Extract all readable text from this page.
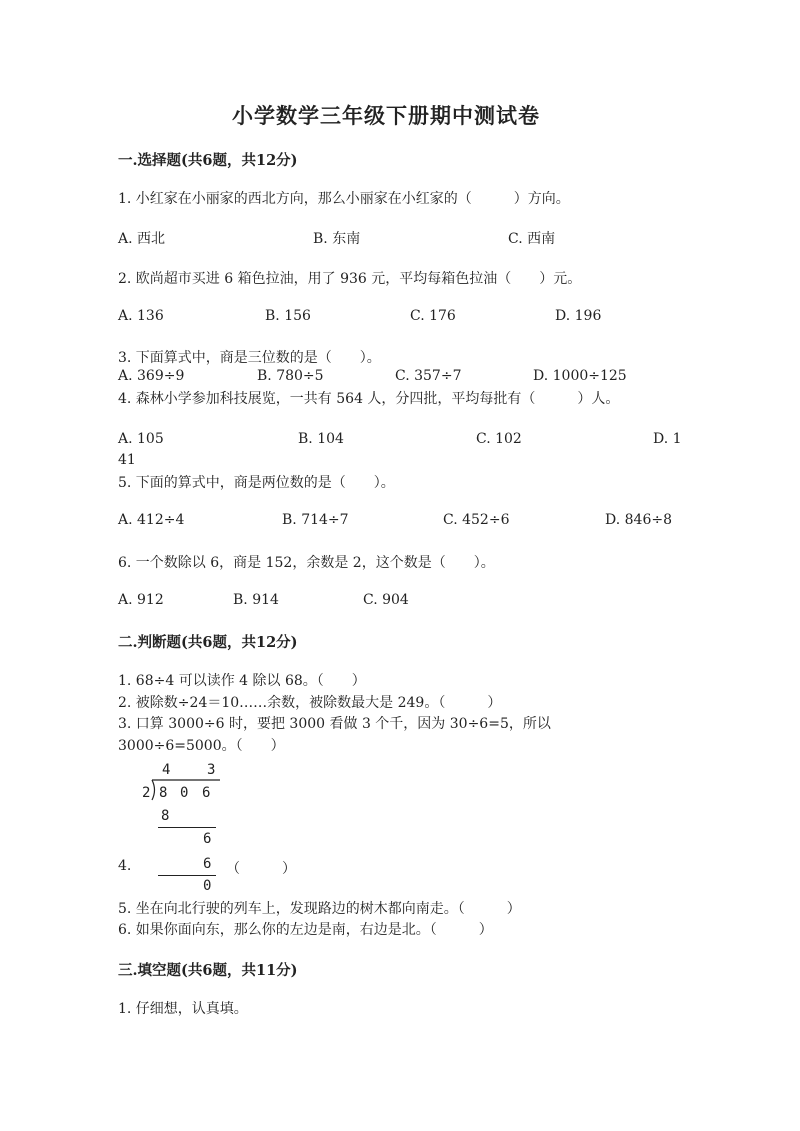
小学数学三年级下册期中测试卷
一.选择题(共6题，共12分)
1. 小红家在小丽家的西北方向，那么小丽家在小红家的（　　　）方向。
A. 西北	B. 东南	C. 西南
2. 欧尚超市买进 6 箱色拉油，用了 936 元，平均每箱色拉油（　　）元。
A. 136	B. 156	C. 176	D. 196
3. 下面算式中，商是三位数的是（　　）。
A. 369÷9	B. 780÷5	C. 357÷7	D. 1000÷125
4. 森林小学参加科技展览，一共有 564 人，分四批，平均每批有（　　　）人。
A. 105	B. 104	C. 102	D. 1
41
5. 下面的算式中，商是两位数的是（　　）。
A. 412÷4	B. 714÷7	C. 452÷6	D. 846÷8
6. 一个数除以 6，商是 152，余数是 2，这个数是（　　）。
A. 912	B. 914	C. 904
二.判断题(共6题，共12分)
1. 68÷4 可以读作 4 除以 68。（　　）
2. 被除数÷24＝10……余数，被除数最大是 249。（　　　）
3. 口算 3000÷6 时，要把 3000 看做 3 个千，因为 30÷6=5，所以
3000÷6=5000。（　　）
4	3
2 8 0 6
8
6
6
0
4.	（　　　）
5. 坐在向北行驶的列车上，发现路边的树木都向南走。（　　　）
6. 如果你面向东，那么你的左边是南，右边是北。（　　　）
三.填空题(共6题，共11分)
1. 仔细想，认真填。
